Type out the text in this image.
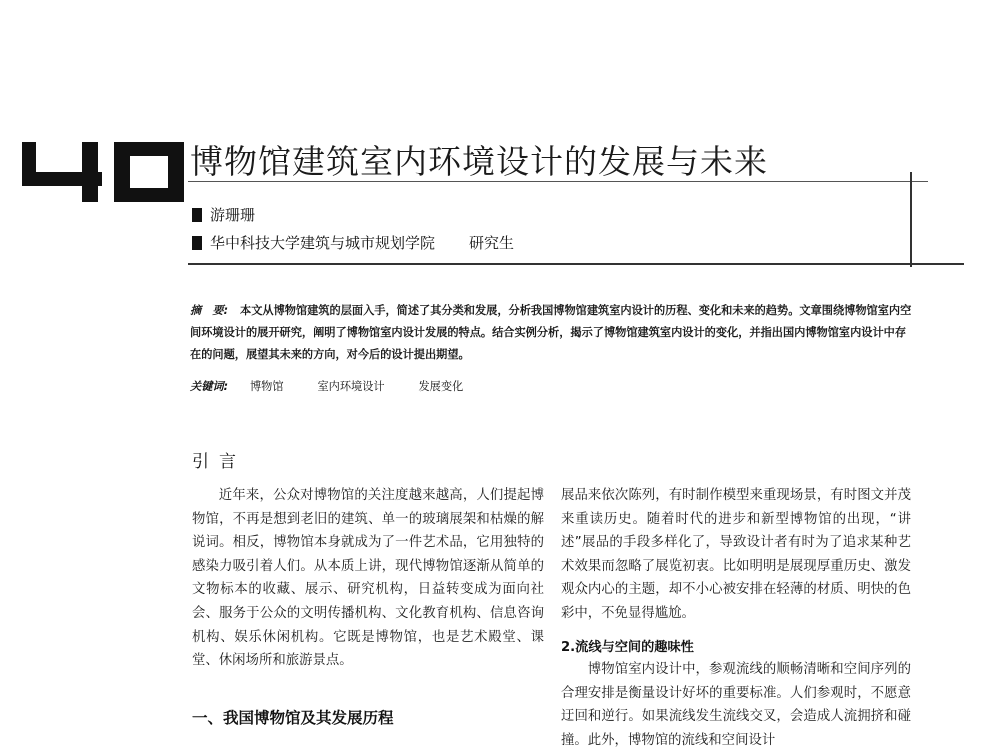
博物馆建筑室内环境设计的发展与未来
游珊珊
华中科技大学建筑与城市规划学院 研究生
摘　要: 本文从博物馆建筑的层面入手，简述了其分类和发展，分析我国博物馆建筑室内设计的历程、变化和未来的趋势。文章围绕博物馆室内空间环境设计的展开研究，阐明了博物馆室内设计发展的特点。结合实例分析，揭示了博物馆建筑室内设计的变化，并指出国内博物馆室内设计中存在的问题，展望其未来的方向，对今后的设计提出期望。
关键词: 博物馆	室内环境设计	发展变化
引言
近年来，公众对博物馆的关注度越来越高，人们提起博物馆，不再是想到老旧的建筑、单一的玻璃展架和枯燥的解说词。相反，博物馆本身就成为了一件艺术品，它用独特的感染力吸引着人们。从本质上讲，现代博物馆逐渐从简单的文物标本的收藏、展示、研究机构，日益转变成为面向社会、服务于公众的文明传播机构、文化教育机构、信息咨询机构、娱乐休闲机构。它既是博物馆，也是艺术殿堂、课堂、休闲场所和旅游景点。
展品来依次陈列，有时制作模型来重现场景，有时图文并茂来重读历史。随着时代的进步和新型博物馆的出现，“讲述”展品的手段多样化了，导致设计者有时为了追求某种艺术效果而忽略了展览初衷。比如明明是展现厚重历史、激发观众内心的主题，却不小心被安排在轻薄的材质、明快的色彩中，不免显得尴尬。
2.流线与空间的趣味性
博物馆室内设计中，参观流线的顺畅清晰和空间序列的合理安排是衡量设计好坏的重要标准。人们参观时，不愿意迂回和逆行。如果流线发生流线交叉，会造成人流拥挤和碰撞。此外，博物馆的流线和空间设计
一、我国博物馆及其发展历程
